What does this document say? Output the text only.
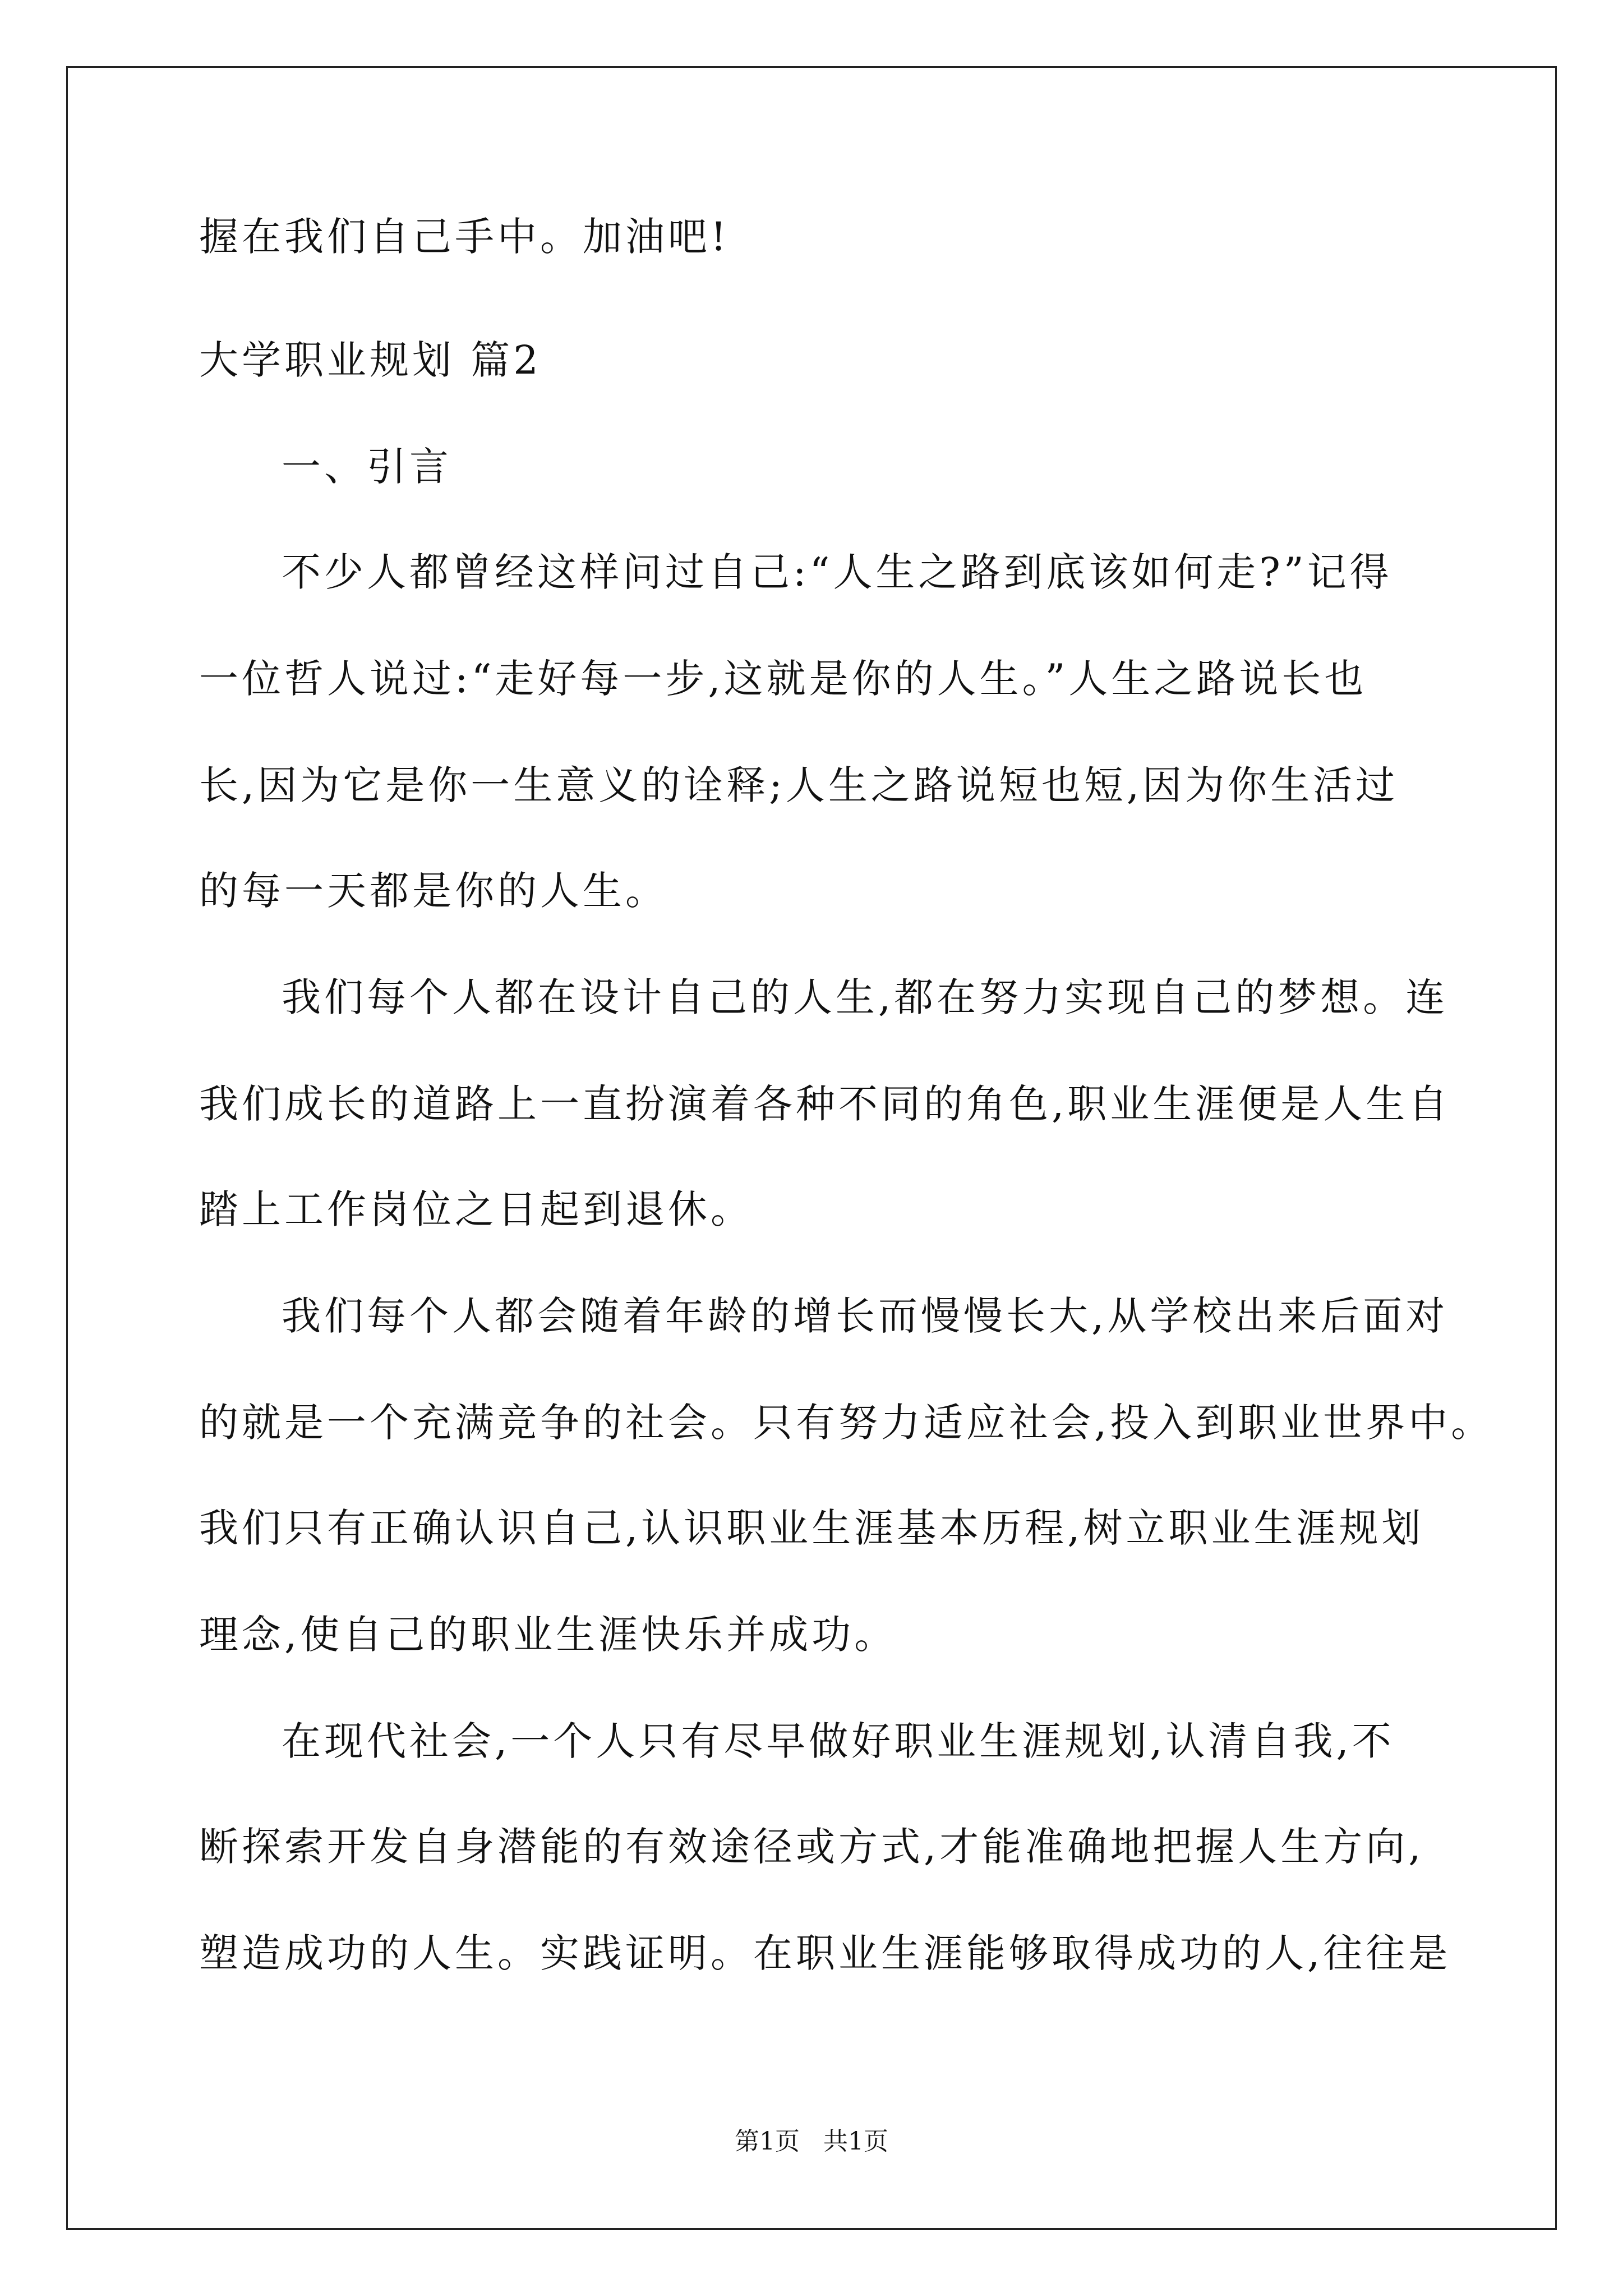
握在我们自己手中。加油吧!
大学职业规划 篇2
一、引言
不少人都曾经这样问过自己:“人生之路到底该如何走?”记得
一位哲人说过:“走好每一步,这就是你的人生。”人生之路说长也
长,因为它是你一生意义的诠释;人生之路说短也短,因为你生活过
的每一天都是你的人生。
我们每个人都在设计自己的人生,都在努力实现自己的梦想。连
我们成长的道路上一直扮演着各种不同的角色,职业生涯便是人生自
踏上工作岗位之日起到退休。
我们每个人都会随着年龄的增长而慢慢长大,从学校出来后面对
的就是一个充满竞争的社会。只有努力适应社会,投入到职业世界中。
我们只有正确认识自己,认识职业生涯基本历程,树立职业生涯规划
理念,使自己的职业生涯快乐并成功。
在现代社会,一个人只有尽早做好职业生涯规划,认清自我,不
断探索开发自身潜能的有效途径或方式,才能准确地把握人生方向,
塑造成功的人生。实践证明。在职业生涯能够取得成功的人,往往是
第1页   共1页
